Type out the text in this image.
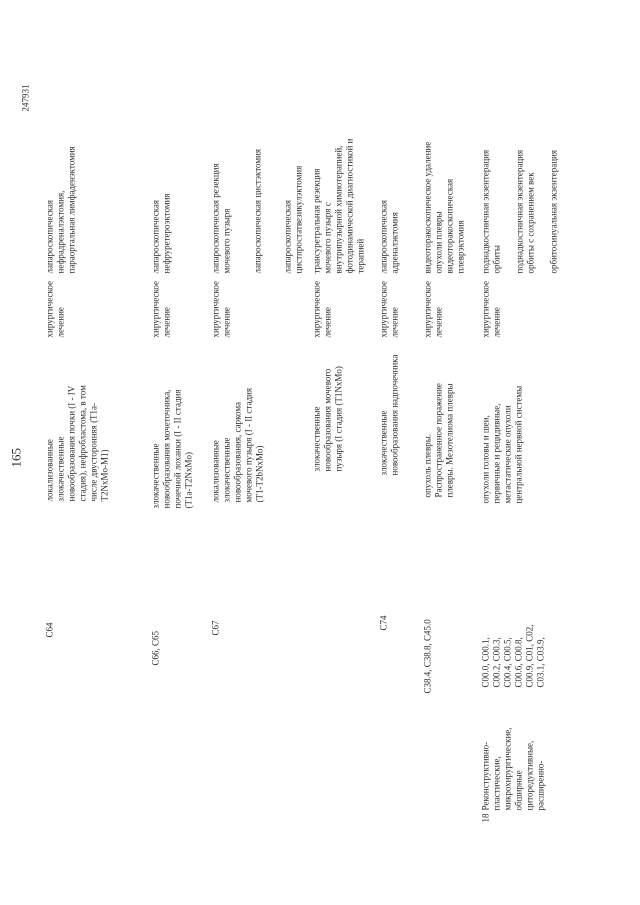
165
247931
C64
локализованные
злокачественные
новообразования почки (I - IV
стадия), нефробластома, в том
числе двусторонняя (T1a-
T2NxMo-M1)
хирургическое
лечение
лапароскопическая
нефрадреналэктомия,
параортальная лимфаденэктомия
C66, C65
злокачественные
новообразования мочеточника,
почечной лоханки (I - II стадия
(T1a-T2NxMo)
хирургическое
лечение
лапароскопическая
нефруретероэктомия
C67
локализованные
злокачественные
новообразования, саркома
мочевого пузыря (I - II стадия
(T1-T2bNxMo)
хирургическое
лечение
лапароскопическая резекция
мочевого пузыря лапароскопическая цистэктомия лапароскопическая
цистпростатвезикулэктомия
злокачественные
новообразования мочевого
пузыря (I стадия (T1NxMo)
хирургическое
лечение
трансуретральная резекция
мочевого пузыря с
внутрипузырной химиотерапией,
фотодинамической диагностикой и
терапией
C74
злокачественные
новообразования надпочечника
хирургическое
лечение
лапароскопическая
адреналэктомия
C38.4, C38.8, C45.0
опухоль плевры.
Распространенное поражение
плевры. Мезотелиома плевры
хирургическое
лечение
видеоторакоскопическое удаление
опухоли плевры видеоторакоскопическая
плеврэктомия
18
Реконструктивно-
пластические,
микрохирургические,
обширные
циторедуктивные,
расширенно-
C00.0, C00.1,
C00.2, C00.3,
C00.4, C00.5,
C00.6, C00.8,
C00.9, C01, C02,
C03.1, C03.9,
опухоли головы и шеи,
первичные и рецидивные,
метастатические опухоли
центральной нервной системы
хирургическое
лечение
поднадкостничная экзентерация
орбиты поднадкостничная экзентерация
орбиты с сохранением век орбитосинуальная экзентерация
